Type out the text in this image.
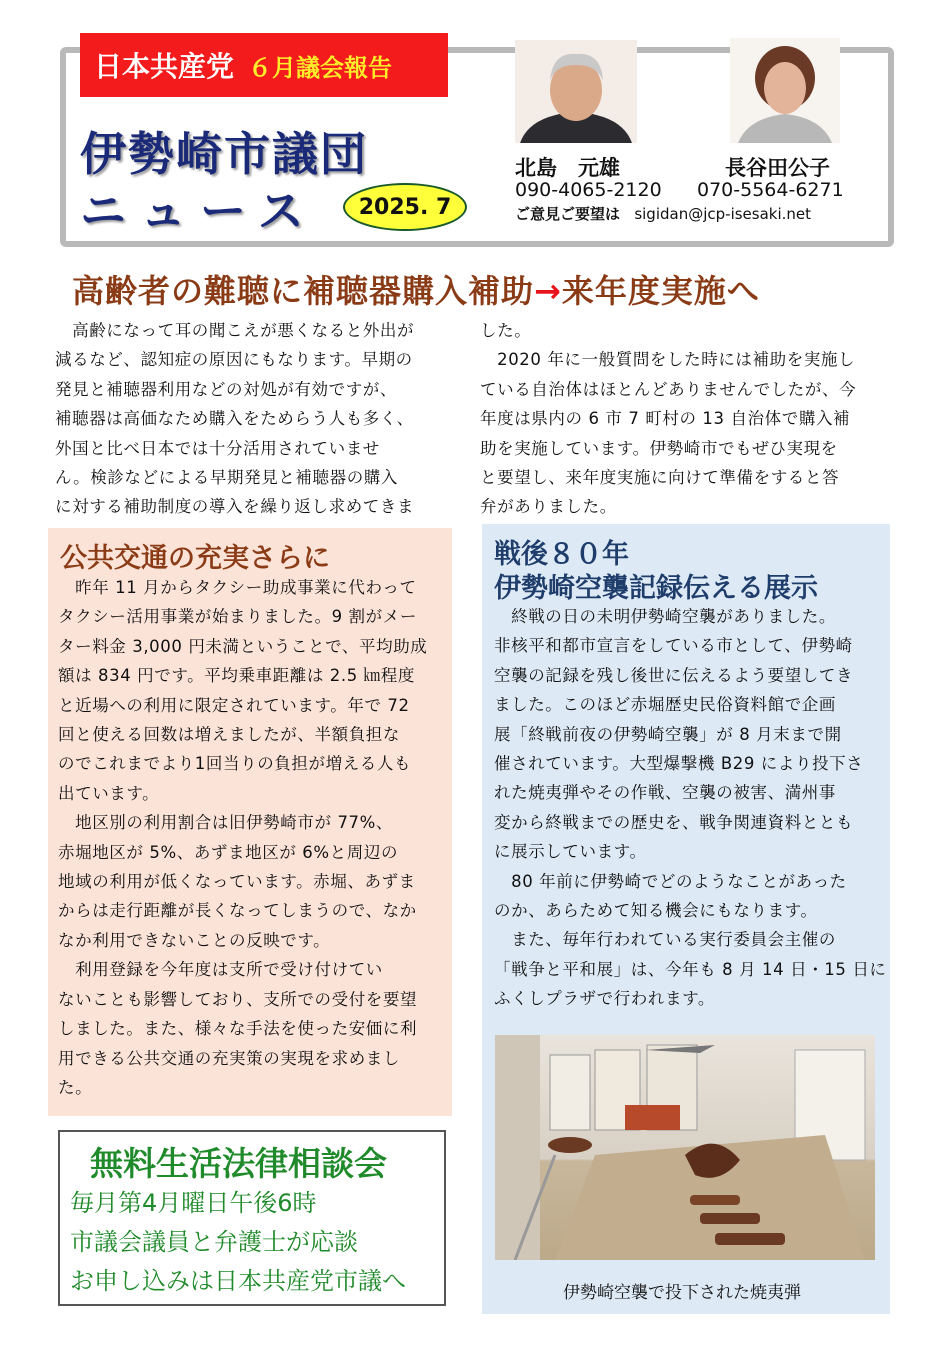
日本共産党 ６月議会報告
伊勢崎市議団
ニュース	2025. 7
北島　元雄	長谷田公子
090-4065-2120 070-5564-6271
ご意見ご要望は sigidan@jcp-isesaki.net
高齢者の難聴に補聴器購入補助→来年度実施へ
　高齢になって耳の聞こえが悪くなると外出が
減るなど、認知症の原因にもなります。早期の
発見と補聴器利用などの対処が有効ですが、
補聴器は高価なため購入をためらう人も多く、
外国と比べ日本では十分活用されていませ
ん。検診などによる早期発見と補聴器の購入
に対する補助制度の導入を繰り返し求めてきま
した。
　2020 年に一般質問をした時には補助を実施し
ている自治体はほとんどありませんでしたが、今
年度は県内の 6 市 7 町村の 13 自治体で購入補
助を実施しています。伊勢崎市でもぜひ実現を
と要望し、来年度実施に向けて準備をすると答
弁がありました。
公共交通の充実さらに
　昨年 11 月からタクシー助成事業に代わって
タクシー活用事業が始まりました。9 割がメー
ター料金 3,000 円未満ということで、平均助成
額は 834 円です。平均乗車距離は 2.5 ㎞程度
と近場への利用に限定されています。年で 72
回と使える回数は増えましたが、半額負担な
のでこれまでより1回当りの負担が増える人も
出ています。
　地区別の利用割合は旧伊勢崎市が 77%、
赤堀地区が 5%、あずま地区が 6%と周辺の
地域の利用が低くなっています。赤堀、あずま
からは走行距離が長くなってしまうので、なか
なか利用できないことの反映です。
　利用登録を今年度は支所で受け付けてい
ないことも影響しており、支所での受付を要望
しました。また、様々な手法を使った安価に利
用できる公共交通の充実策の実現を求めまし
た。
無料生活法律相談会
毎月第4月曜日午後6時
市議会議員と弁護士が応談
お申し込みは日本共産党市議へ
戦後８０年
伊勢崎空襲記録伝える展示
　終戦の日の未明伊勢崎空襲がありました。
非核平和都市宣言をしている市として、伊勢崎
空襲の記録を残し後世に伝えるよう要望してき
ました。このほど赤堀歴史民俗資料館で企画
展「終戦前夜の伊勢崎空襲」が 8 月末まで開
催されています。大型爆撃機 B29 により投下さ
れた焼夷弾やその作戦、空襲の被害、満州事
変から終戦までの歴史を、戦争関連資料ととも
に展示しています。
　80 年前に伊勢崎でどのようなことがあった
のか、あらためて知る機会にもなります。
　また、毎年行われている実行委員会主催の
「戦争と平和展」は、今年も 8 月 14 日・15 日に
ふくしプラザで行われます。
伊勢崎空襲で投下された焼夷弾
